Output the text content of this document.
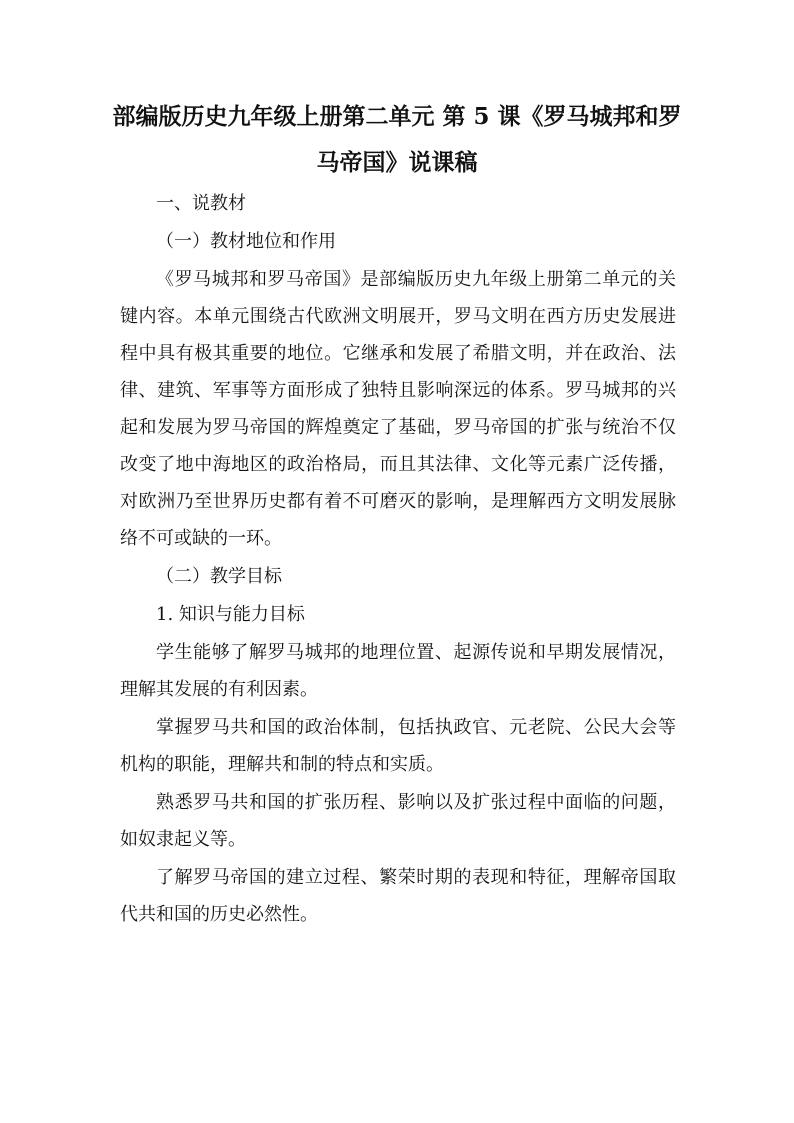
部编版历史九年级上册第二单元 第 5 课《罗马城邦和罗马帝国》说课稿

一、说教材

（一）教材地位和作用

《罗马城邦和罗马帝国》是部编版历史九年级上册第二单元的关键内容。本单元围绕古代欧洲文明展开，罗马文明在西方历史发展进程中具有极其重要的地位。它继承和发展了希腊文明，并在政治、法律、建筑、军事等方面形成了独特且影响深远的体系。罗马城邦的兴起和发展为罗马帝国的辉煌奠定了基础，罗马帝国的扩张与统治不仅改变了地中海地区的政治格局，而且其法律、文化等元素广泛传播，对欧洲乃至世界历史都有着不可磨灭的影响，是理解西方文明发展脉络不可或缺的一环。

（二）教学目标

1. 知识与能力目标

学生能够了解罗马城邦的地理位置、起源传说和早期发展情况，理解其发展的有利因素。

掌握罗马共和国的政治体制，包括执政官、元老院、公民大会等机构的职能，理解共和制的特点和实质。

熟悉罗马共和国的扩张历程、影响以及扩张过程中面临的问题，如奴隶起义等。

了解罗马帝国的建立过程、繁荣时期的表现和特征，理解帝国取代共和国的历史必然性。
